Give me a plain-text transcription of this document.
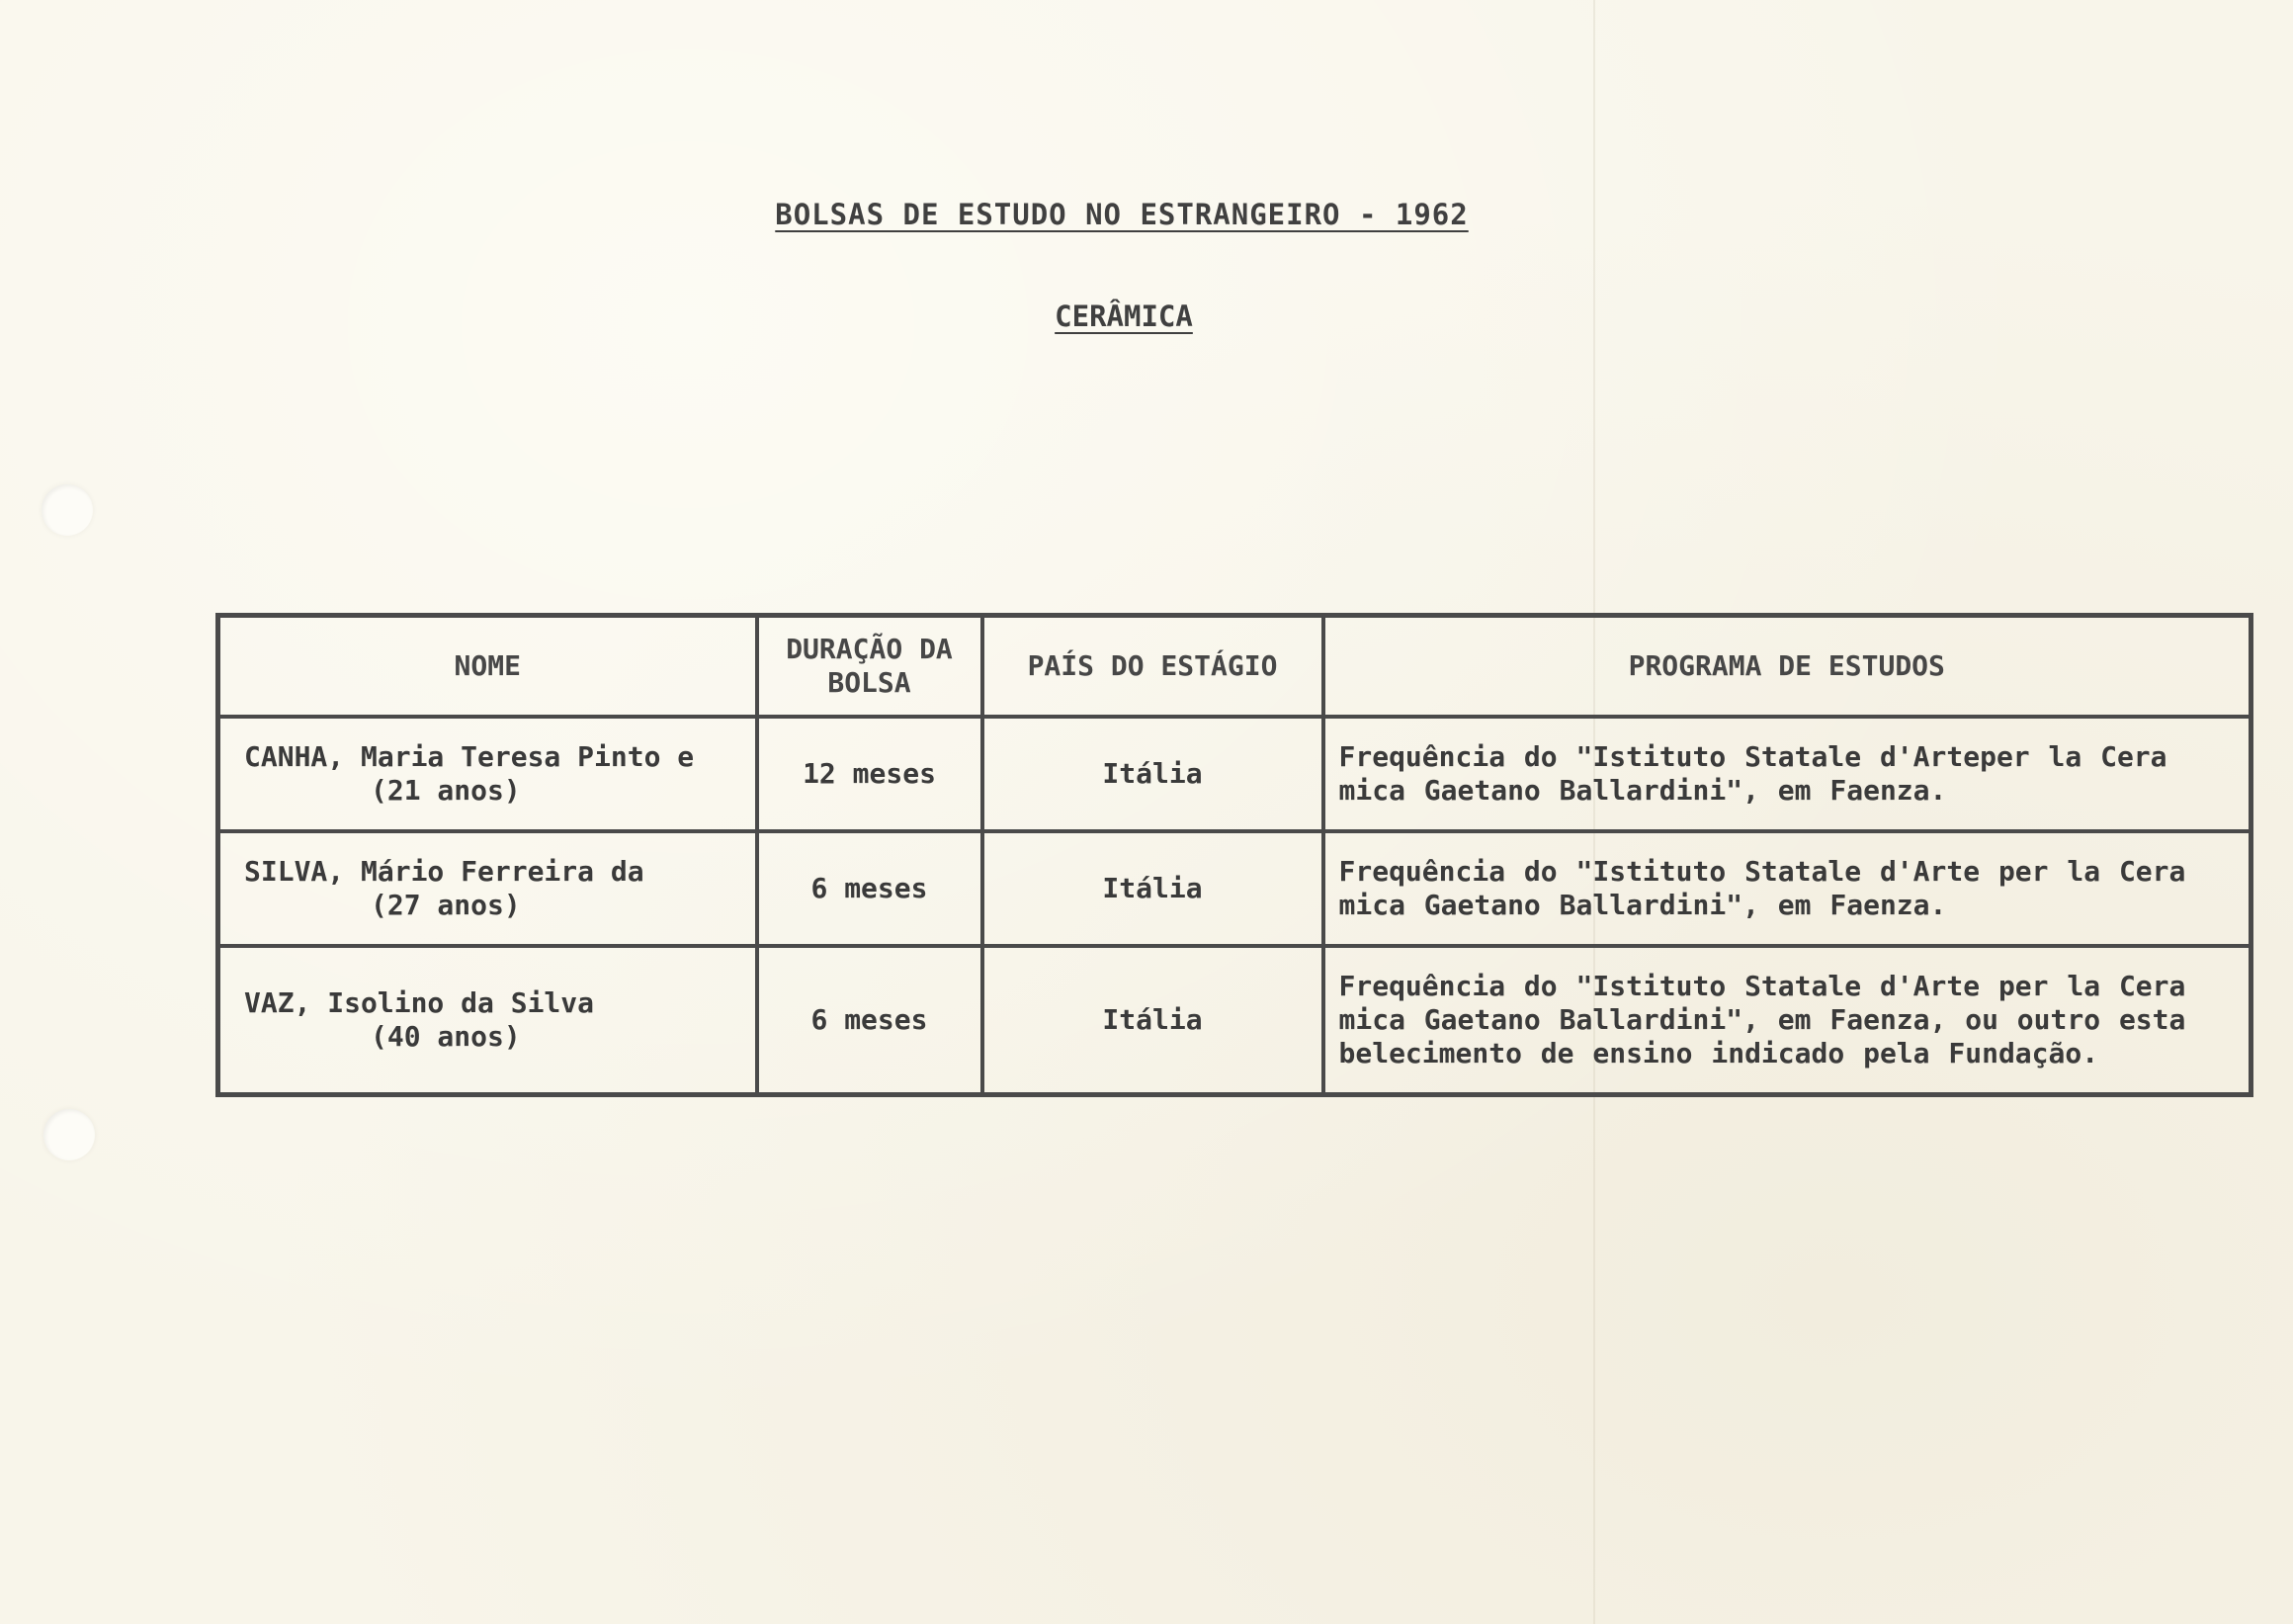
BOLSAS DE ESTUDO NO ESTRANGEIRO - 1962
CERÂMICA
NOME	DURAÇÃO DA BOLSA	PAÍS DO ESTÁGIO	PROGRAMA DE ESTUDOS
CANHA, Maria Teresa Pinto e
(21 anos)	12 meses	Itália	Frequência do "Istituto Statale d'Arteper la Cera mica Gaetano Ballardini", em Faenza.
SILVA, Mário Ferreira da
(27 anos)	6 meses	Itália	Frequência do "Istituto Statale d'Arte per la Cera mica Gaetano Ballardini", em Faenza.
VAZ, Isolino da Silva
(40 anos)	6 meses	Itália	Frequência do "Istituto Statale d'Arte per la Cera mica Gaetano Ballardini", em Faenza, ou outro esta belecimento de ensino indicado pela Fundação.
